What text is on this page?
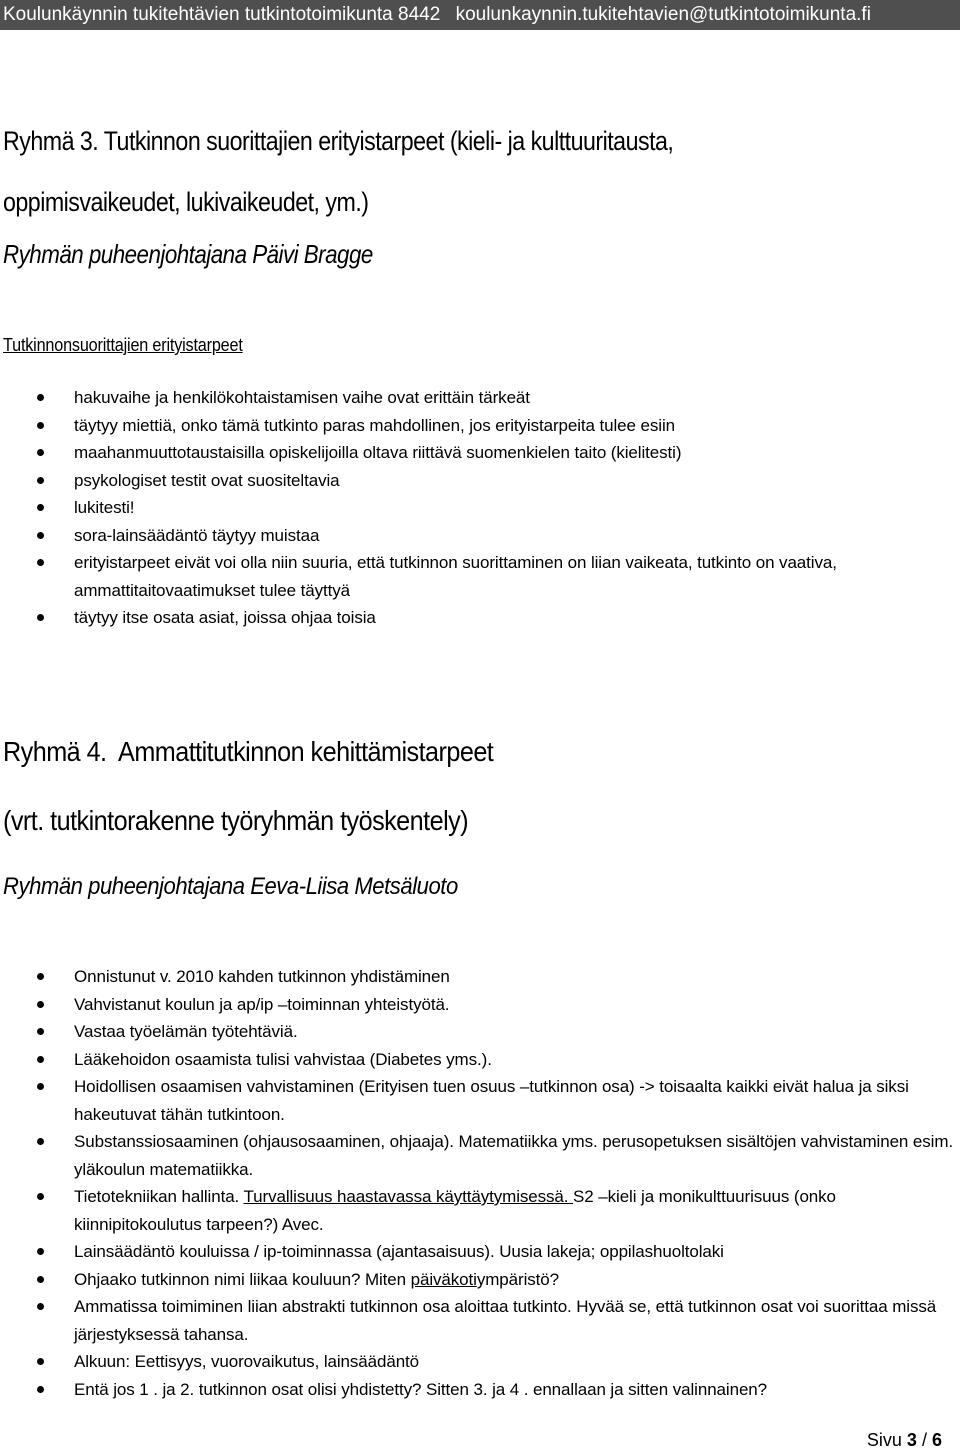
Koulunkäynnin tukitehtävien tutkintotoimikunta 8442 koulunkaynnin.tukitehtavien@tutkintotoimikunta.fi
Ryhmä 3. Tutkinnon suorittajien erityistarpeet (kieli- ja kulttuuritausta,
oppimisvaikeudet, lukivaikeudet, ym.)
Ryhmän puheenjohtajana Päivi Bragge
Tutkinnonsuorittajien erityistarpeet
hakuvaihe ja henkilökohtaistamisen vaihe ovat erittäin tärkeät
täytyy miettiä, onko tämä tutkinto paras mahdollinen, jos erityistarpeita tulee esiin
maahanmuuttotaustaisilla opiskelijoilla oltava riittävä suomenkielen taito (kielitesti)
psykologiset testit ovat suositeltavia
lukitesti!
sora-lainsäädäntö täytyy muistaa
erityistarpeet eivät voi olla niin suuria, että tutkinnon suorittaminen on liian vaikeata, tutkinto on vaativa, ammattitaitovaatimukset tulee täyttyä
täytyy itse osata asiat, joissa ohjaa toisia
Ryhmä 4.  Ammattitutkinnon kehittämistarpeet
(vrt. tutkintorakenne työryhmän työskentely)
Ryhmän puheenjohtajana Eeva-Liisa Metsäluoto
Onnistunut v. 2010 kahden tutkinnon yhdistäminen
Vahvistanut koulun ja ap/ip –toiminnan yhteistyötä.
Vastaa työelämän työtehtäviä.
Lääkehoidon osaamista tulisi vahvistaa (Diabetes yms.).
Hoidollisen osaamisen vahvistaminen (Erityisen tuen osuus –tutkinnon osa) -> toisaalta kaikki eivät halua ja siksi hakeutuvat tähän tutkintoon.
Substanssiosaaminen (ohjausosaaminen, ohjaaja). Matematiikka yms. perusopetuksen sisältöjen vahvistaminen esim. yläkoulun matematiikka.
Tietotekniikan hallinta. Turvallisuus haastavassa käyttäytymisessä. S2 –kieli ja monikulttuurisuus (onko kiinnipitokoulutus tarpeen?) Avec.
Lainsäädäntö kouluissa / ip-toiminnassa (ajantasaisuus). Uusia lakeja; oppilashuoltolaki
Ohjaako tutkinnon nimi liikaa kouluun? Miten päiväkotiympäristö?
Ammatissa toimiminen liian abstrakti tutkinnon osa aloittaa tutkinto. Hyvää se, että tutkinnon osat voi suorittaa missä  järjestyksessä tahansa.
Alkuun: Eettisyys, vuorovaikutus, lainsäädäntö
Entä jos 1 . ja 2. tutkinnon osat olisi yhdistetty? Sitten 3. ja 4 . ennallaan ja sitten valinnainen?
Sivu 3 / 6
